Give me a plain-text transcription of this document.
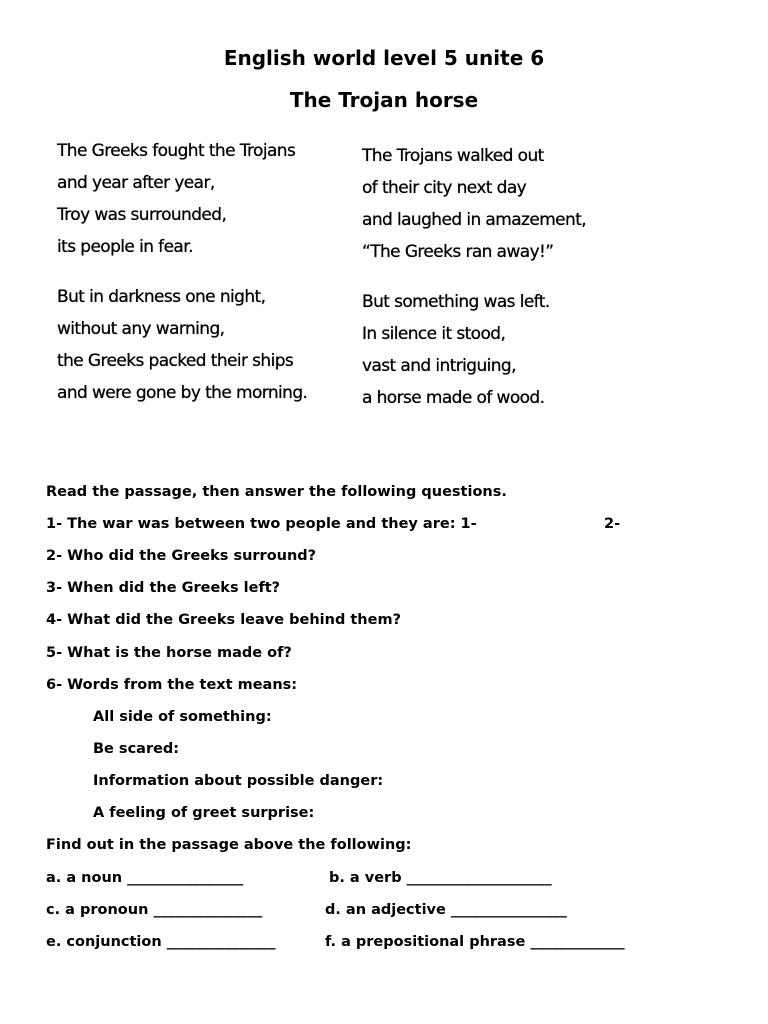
English world level 5 unite 6
The Trojan horse
The Greeks fought the Trojans
and year after year,
Troy was surrounded,
its people in fear.
But in darkness one night,
without any warning,
the Greeks packed their ships
and were gone by the morning.
The Trojans walked out
of their city next day
and laughed in amazement,
“The Greeks ran away!”
But something was left.
In silence it stood,
vast and intriguing,
a horse made of wood.
Read the passage, then answer the following questions.
1- The war was between two people and they are: 1-	2-
2- Who did the Greeks surround?
3- When did the Greeks left?
4- What did the Greeks leave behind them?
5- What is the horse made of?
6- Words from the text means:
All side of something:
Be scared:
Information about possible danger:
A feeling of greet surprise:
Find out in the passage above the following:
a. a noun ________________	b. a verb ____________________
c. a pronoun _______________	d. an adjective ________________
e. conjunction _______________	f. a prepositional phrase _____________
